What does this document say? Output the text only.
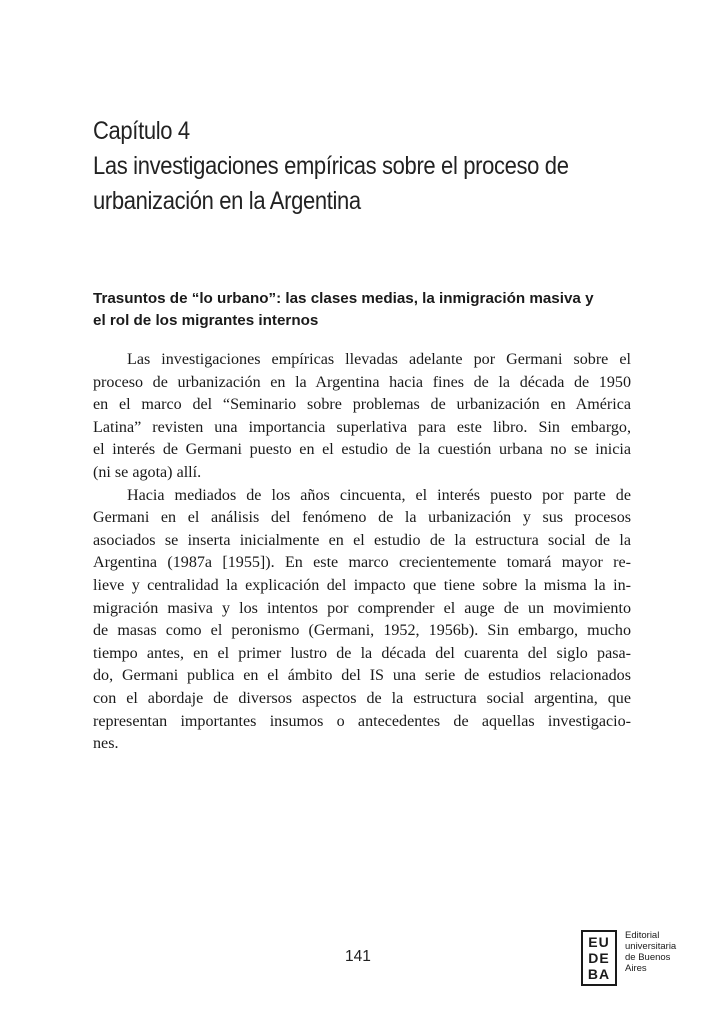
Capítulo 4
Las investigaciones empíricas sobre el proceso de
urbanización en la Argentina
Trasuntos de “lo urbano”: las clases medias, la inmigración masiva y
el rol de los migrantes internos
Las investigaciones empíricas llevadas adelante por Germani sobre el
proceso de urbanización en la Argentina hacia fines de la década de 1950
en el marco del “Seminario sobre problemas de urbanización en América
Latina” revisten una importancia superlativa para este libro. Sin embargo,
el interés de Germani puesto en el estudio de la cuestión urbana no se inicia
(ni se agota) allí.
Hacia mediados de los años cincuenta, el interés puesto por parte de
Germani en el análisis del fenómeno de la urbanización y sus procesos
asociados se inserta inicialmente en el estudio de la estructura social de la
Argentina (1987a [1955]). En este marco crecientemente tomará mayor re-
lieve y centralidad la explicación del impacto que tiene sobre la misma la in-
migración masiva y los intentos por comprender el auge de un movimiento
de masas como el peronismo (Germani, 1952, 1956b). Sin embargo, mucho
tiempo antes, en el primer lustro de la década del cuarenta del siglo pasa-
do, Germani publica en el ámbito del IS una serie de estudios relacionados
con el abordaje de diversos aspectos de la estructura social argentina, que
representan importantes insumos o antecedentes de aquellas investigacio-
nes.
141
EU
DE
BA
Editorial
universitaria
de Buenos
Aires
